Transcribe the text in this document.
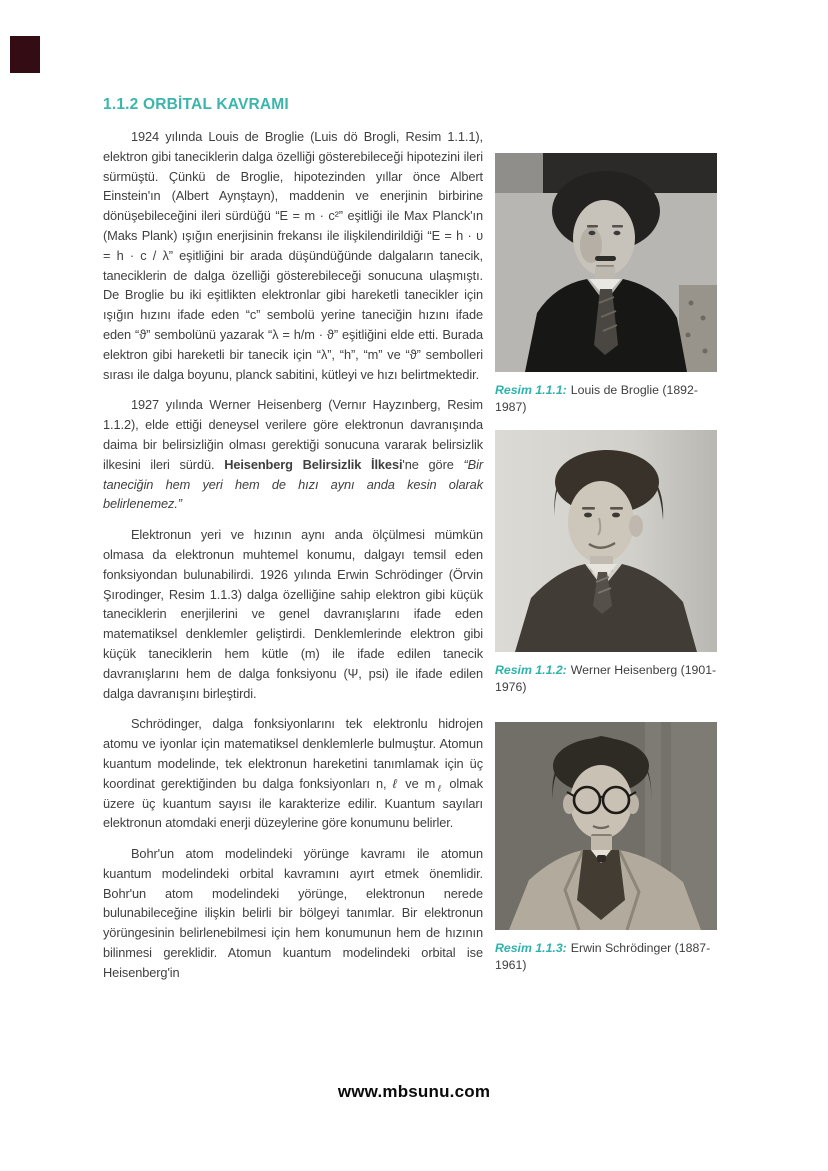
1.1.2 ORBİTAL KAVRAMI

1924 yılında Louis de Broglie (Luis dö Brogli, Resim 1.1.1), elektron gibi taneciklerin dalga özelliği gösterebileceği hipotezini ileri sürmüştü. Çünkü de Broglie, hipotezinden yıllar önce Albert Einstein'ın (Albert Aynştayn), maddenin ve enerjinin birbirine dönüşebileceğini ileri sürdüğü “E = m · c²” eşitliği ile Max Planck'ın (Maks Plank) ışığın enerjisinin frekansı ile ilişkilendirildiği “E = h · υ = h · c / λ” eşitliğini bir arada düşündüğünde dalgaların tanecik, taneciklerin de dalga özelliği gösterebileceği sonucuna ulaşmıştı. De Broglie bu iki eşitlikten elektronlar gibi hareketli tanecikler için ışığın hızını ifade eden “c” sembolü yerine taneciğin hızını ifade eden “ϑ” sembolünü yazarak “λ = h/m · ϑ” eşitliğini elde etti. Burada elektron gibi hareketli bir tanecik için “λ”, “h”, “m” ve “ϑ” sembolleri sırası ile dalga boyunu, planck sabitini, kütleyi ve hızı belirtmektedir.

1927 yılında Werner Heisenberg (Vernır Hayzınberg, Resim 1.1.2), elde ettiği deneysel verilere göre elektronun davranışında daima bir belirsizliğin olması gerektiği sonucuna vararak belirsizlik ilkesini ileri sürdü. Heisenberg Belirsizlik İlkesi'ne göre “Bir taneciğin hem yeri hem de hızı aynı anda kesin olarak belirlenemez.”

Elektronun yeri ve hızının aynı anda ölçülmesi mümkün olmasa da elektronun muhtemel konumu, dalgayı temsil eden fonksiyondan bulunabilirdi. 1926 yılında Erwin Schrödinger (Örvin Şırodinger, Resim 1.1.3) dalga özelliğine sahip elektron gibi küçük taneciklerin enerjilerini ve genel davranışlarını ifade eden matematiksel denklemler geliştirdi. Denklemlerinde elektron gibi küçük taneciklerin hem kütle (m) ile ifade edilen tanecik davranışlarını hem de dalga fonksiyonu (Ψ, psi) ile ifade edilen dalga davranışını birleştirdi.

Schrödinger, dalga fonksiyonlarını tek elektronlu hidrojen atomu ve iyonlar için matematiksel denklemlerle bulmuştur. Atomun kuantum modelinde, tek elektronun hareketini tanımlamak için üç koordinat gerektiğinden bu dalga fonksiyonları n, ℓ ve $m_\ell$ olmak üzere üç kuantum sayısı ile karakterize edilir. Kuantum sayıları elektronun atomdaki enerji düzeylerine göre konumunu belirler.

Bohr'un atom modelindeki yörünge kavramı ile atomun kuantum modelindeki orbital kavramını ayırt etmek önemlidir. Bohr'un atom modelindeki yörünge, elektronun nerede bulunabileceğine ilişkin belirli bir bölgeyi tanımlar. Bir elektronun yörüngesinin belirlenebilmesi için hem konumunun hem de hızının bilinmesi gereklidir. Atomun kuantum modelindeki orbital ise Heisenberg'in

Resim 1.1.1: Louis de Broglie (1892-1987)
Resim 1.1.2: Werner Heisenberg (1901-1976)
Resim 1.1.3: Erwin Schrödinger (1887-1961)
www.mbsunu.com
